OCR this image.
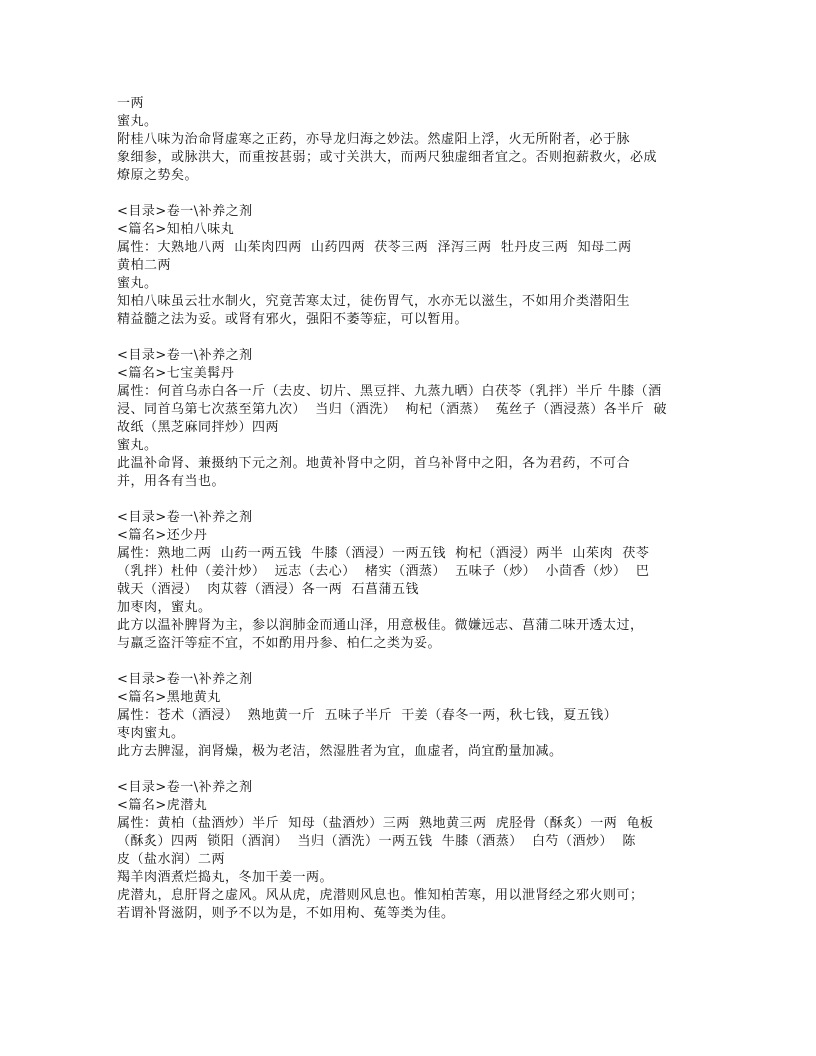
一两
蜜丸。
附桂八味为治命肾虚寒之正药，亦导龙归海之妙法。然虚阳上浮，火无所附者，必于脉
象细参，或脉洪大，而重按甚弱；或寸关洪大，而两尺独虚细者宜之。否则抱薪救火，必成
燎原之势矣。
<目录>卷一\补养之剂
<篇名>知柏八味丸
属性：大熟地八两  山茱肉四两  山药四两  茯苓三两  泽泻三两  牡丹皮三两  知母二两
黄柏二两
蜜丸。
知柏八味虽云壮水制火，究竟苦寒太过，徒伤胃气，水亦无以滋生，不如用介类潜阳生
精益髓之法为妥。或肾有邪火，强阳不萎等症，可以暂用。
<目录>卷一\补养之剂
<篇名>七宝美髯丹
属性：何首乌赤白各一斤（去皮、切片、黑豆拌、九蒸九晒）白茯苓（乳拌）半斤 牛膝（酒
浸、同首乌第七次蒸至第九次）  当归（酒洗）  枸杞（酒蒸）  菟丝子（酒浸蒸）各半斤  破
故纸（黑芝麻同拌炒）四两
蜜丸。
此温补命肾、兼摄纳下元之剂。地黄补肾中之阴，首乌补肾中之阳，各为君药，不可合
并，用各有当也。
<目录>卷一\补养之剂
<篇名>还少丹
属性：熟地二两  山药一两五钱  牛膝（酒浸）一两五钱  枸杞（酒浸）两半  山茱肉  茯苓
（乳拌）杜仲（姜汁炒）  远志（去心）  楮实（酒蒸）  五味子（炒）  小茴香（炒）  巴
戟天（酒浸）  肉苁蓉（酒浸）各一两  石菖蒲五钱
加枣肉，蜜丸。
此方以温补脾肾为主，参以润肺金而通山泽，用意极佳。微嫌远志、菖蒲二味开透太过，
与羸乏盗汗等症不宜，不如酌用丹参、柏仁之类为妥。
<目录>卷一\补养之剂
<篇名>黑地黄丸
属性：苍术（酒浸）  熟地黄一斤  五味子半斤  干姜（春冬一两，秋七钱，夏五钱）
枣肉蜜丸。
此方去脾湿，润肾燥，极为老洁，然湿胜者为宜，血虚者，尚宜酌量加减。
<目录>卷一\补养之剂
<篇名>虎潜丸
属性：黄柏（盐酒炒）半斤  知母（盐酒炒）三两  熟地黄三两  虎胫骨（酥炙）一两  龟板
（酥炙）四两  锁阳（酒润）  当归（酒洗）一两五钱  牛膝（酒蒸）  白芍（酒炒）  陈
皮（盐水润）二两
羯羊肉酒煮烂捣丸，冬加干姜一两。
虎潜丸，息肝肾之虚风。风从虎，虎潜则风息也。惟知柏苦寒，用以泄肾经之邪火则可；
若谓补肾滋阴，则予不以为是，不如用枸、菟等类为佳。
